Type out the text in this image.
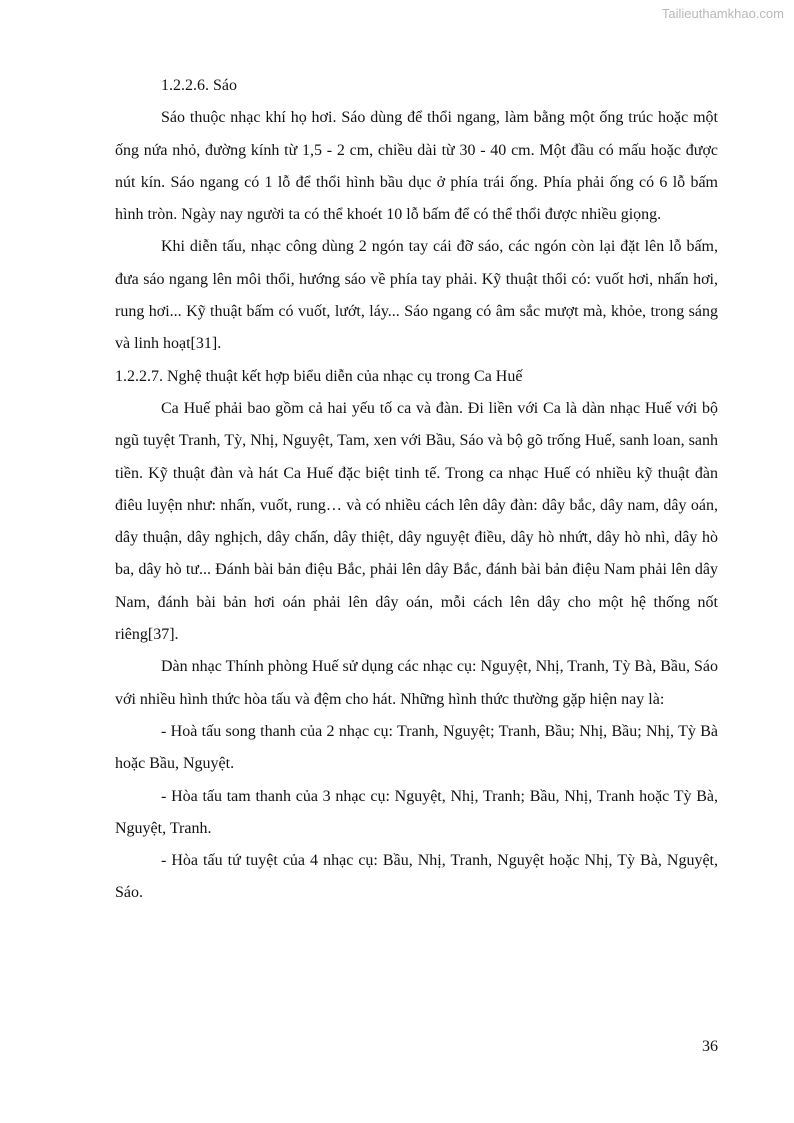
Tailieuthamkhao.com

1.2.2.6. Sáo

Sáo thuộc nhạc khí họ hơi. Sáo dùng để thổi ngang, làm bằng một ống trúc hoặc một ống nứa nhỏ, đường kính từ 1,5 - 2 cm, chiều dài từ 30 - 40 cm. Một đầu có mấu hoặc được nút kín. Sáo ngang có 1 lỗ để thổi hình bầu dục ở phía trái ống. Phía phải ống có 6 lỗ bấm hình tròn. Ngày nay người ta có thể khoét 10 lỗ bấm để có thể thổi được nhiều giọng.

Khi diễn tấu, nhạc công dùng 2 ngón tay cái đỡ sáo, các ngón còn lại đặt lên lỗ bấm, đưa sáo ngang lên môi thổi, hướng sáo về phía tay phải. Kỹ thuật thổi có: vuốt hơi, nhấn hơi, rung hơi... Kỹ thuật bấm có vuốt, lướt, láy... Sáo ngang có âm sắc mượt mà, khỏe, trong sáng và linh hoạt[31].

1.2.2.7. Nghệ thuật kết hợp biểu diễn của nhạc cụ trong Ca Huế

Ca Huế phải bao gồm cả hai yếu tố ca và đàn. Đi liền với Ca là dàn nhạc Huế với bộ ngũ tuyệt Tranh, Tỳ, Nhị, Nguyệt, Tam, xen với Bầu, Sáo và bộ gõ trống Huế, sanh loan, sanh tiền. Kỹ thuật đàn và hát Ca Huế đặc biệt tinh tế. Trong ca nhạc Huế có nhiều kỹ thuật đàn điêu luyện như: nhấn, vuốt, rung… và có nhiều cách lên dây đàn: dây bắc, dây nam, dây oán, dây thuận, dây nghịch, dây chấn, dây thiệt, dây nguyệt điều, dây hò nhứt, dây hò nhì, dây hò ba, dây hò tư... Đánh bài bản điệu Bắc, phải lên dây Bắc, đánh bài bản điệu Nam phải lên dây Nam, đánh bài bản hơi oán phải lên dây oán, mỗi cách lên dây cho một hệ thống nốt riêng[37].

Dàn nhạc Thính phòng Huế sử dụng các nhạc cụ: Nguyệt, Nhị, Tranh, Tỳ Bà, Bầu, Sáo với nhiều hình thức hòa tấu và đệm cho hát. Những hình thức thường gặp hiện nay là:

- Hoà tấu song thanh của 2 nhạc cụ: Tranh, Nguyệt; Tranh, Bầu; Nhị, Bầu; Nhị, Tỳ Bà hoặc Bầu, Nguyệt.

- Hòa tấu tam thanh của 3 nhạc cụ: Nguyệt, Nhị, Tranh; Bầu, Nhị, Tranh hoặc Tỳ Bà, Nguyệt, Tranh.

- Hòa tấu tứ tuyệt của 4 nhạc cụ: Bầu, Nhị, Tranh, Nguyệt hoặc Nhị, Tỳ Bà, Nguyệt, Sáo.

36
